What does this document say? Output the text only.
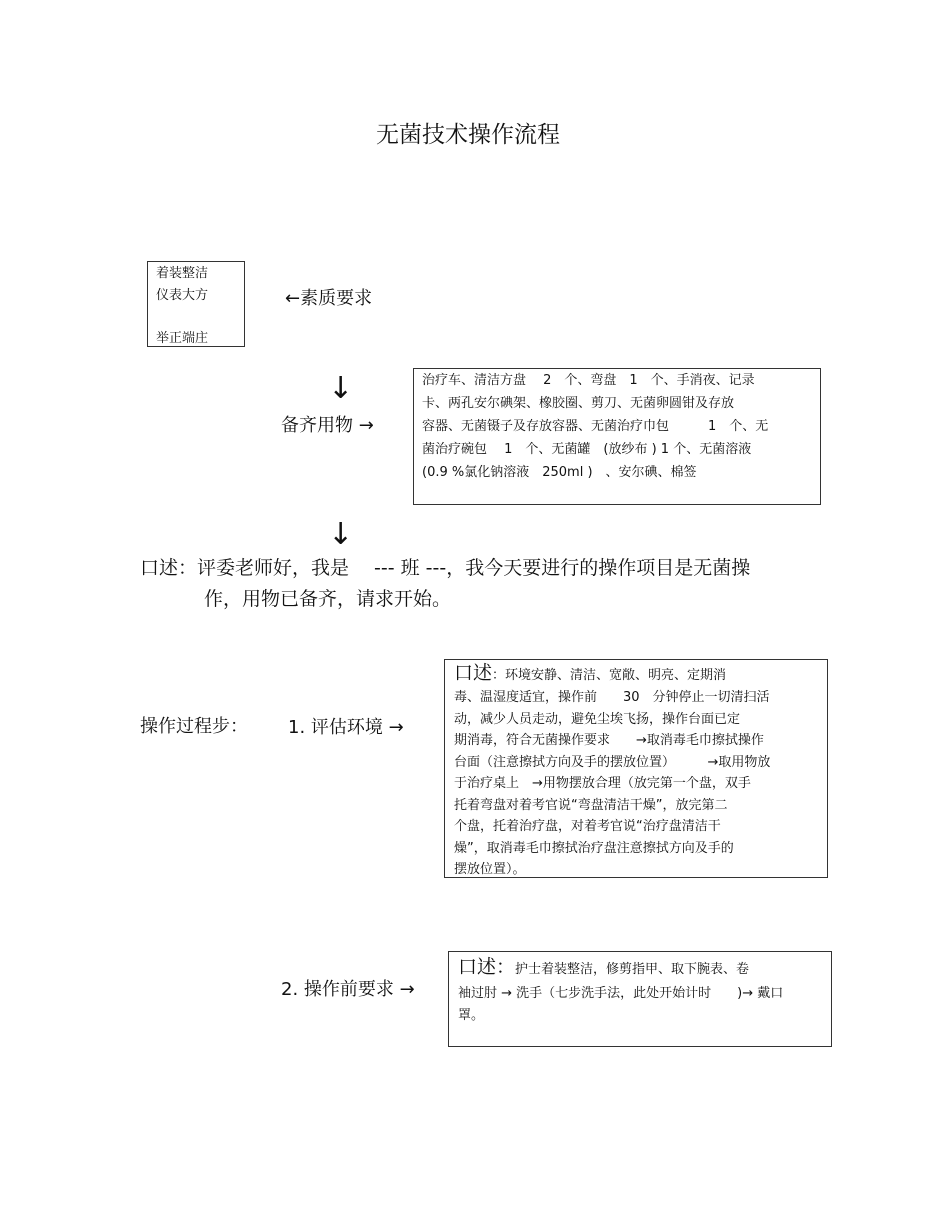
无菌技术操作流程
着装整洁
仪表大方
举正端庄
←素质要求
↓
备齐用物 →
治疗车、清洁方盘　 2　个、弯盘　1　个、手消夜、记录
卡、两孔安尔碘架、橡胶圈、剪刀、无菌卵圆钳及存放
容器、无菌镊子及存放容器、无菌治疗巾包　　　1　个、无
菌治疗碗包　 1　个、无菌罐　(放纱布 ) 1 个、无菌溶液
(0.9 %氯化钠溶液　250ml )　、安尔碘、棉签
↓
口述：评委老师好，我是　 --- 班 ---，我今天要进行的操作项目是无菌操
作，用物已备齐，请求开始。
操作过程步： 1. 评估环境 →
口述：环境安静、清洁、宽敞、明亮、定期消
毒、温湿度适宜，操作前　　30　分钟停止一切清扫活
动，减少人员走动，避免尘埃飞扬，操作台面已定
期消毒，符合无菌操作要求　　→取消毒毛巾擦拭操作
台面（注意擦拭方向及手的摆放位置）　　　→取用物放
于治疗桌上　→用物摆放合理（放完第一个盘，双手
托着弯盘对着考官说“弯盘清洁干燥”，放完第二
个盘，托着治疗盘，对着考官说“治疗盘清洁干
燥”，取消毒毛巾擦拭治疗盘注意擦拭方向及手的
摆放位置）。
2. 操作前要求 →
口述：护士着装整洁，修剪指甲、取下腕表、卷
袖过肘 → 洗手（七步洗手法，此处开始计时　　)→ 戴口
罩。
